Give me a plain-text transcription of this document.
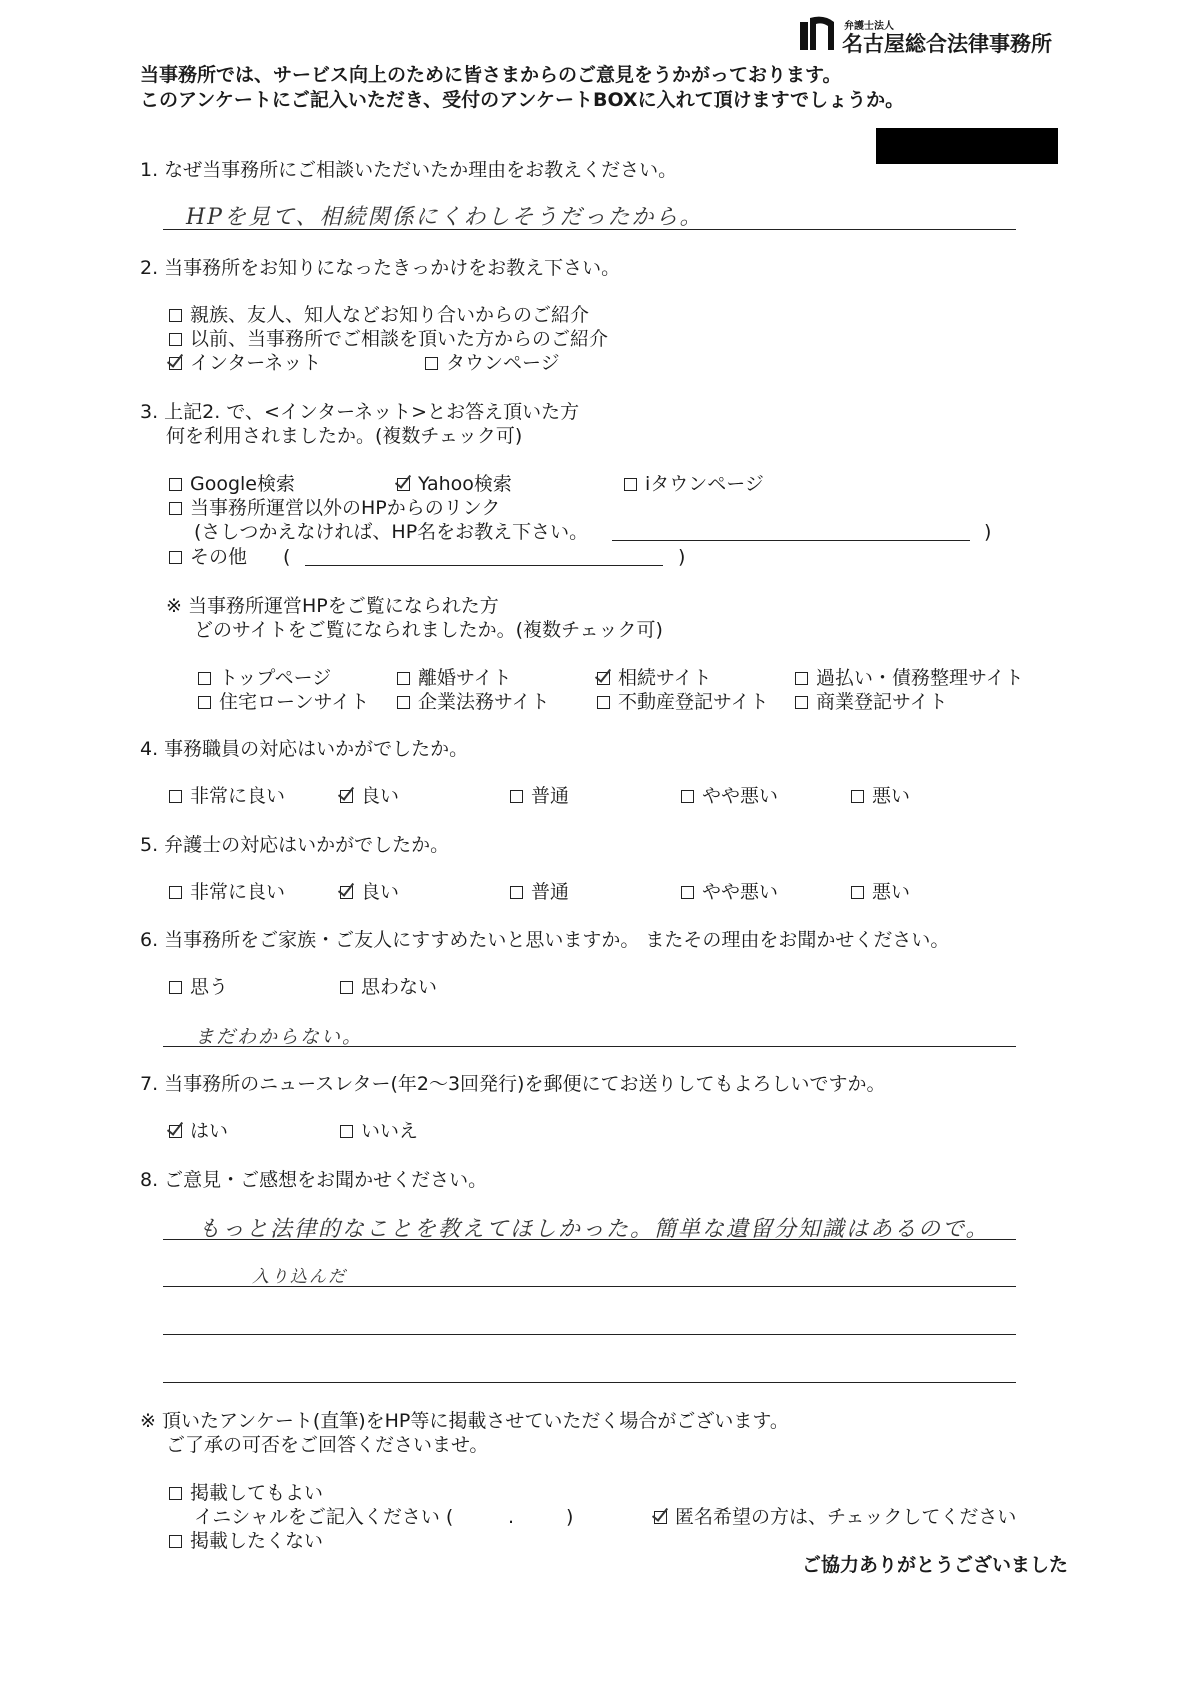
弁護士法人
名古屋総合法律事務所
当事務所では、サービス向上のために皆さまからのご意見をうかがっております。
このアンケートにご記入いただき、受付のアンケートBOXに入れて頂けますでしょうか。
1. なぜ当事務所にご相談いただいたか理由をお教えください。
HPを見て、相続関係にくわしそうだったから。
2. 当事務所をお知りになったきっかけをお教え下さい。
親族、友人、知人などお知り合いからのご紹介
以前、当事務所でご相談を頂いた方からのご紹介
インターネット	タウンページ
3. 上記2. で、<インターネット>とお答え頂いた方
何を利用されましたか。(複数チェック可)
Google検索	Yahoo検索	iタウンページ
当事務所運営以外のHPからのリンク
(さしつかえなければ、HP名をお教え下さい。	)
その他 (	)
※ 当事務所運営HPをご覧になられた方
どのサイトをご覧になられましたか。(複数チェック可)
トップページ	離婚サイト	相続サイト	過払い・債務整理サイト
住宅ローンサイト	企業法務サイト	不動産登記サイト	商業登記サイト
4. 事務職員の対応はいかがでしたか。
非常に良い	良い	普通	やや悪い	悪い
5. 弁護士の対応はいかがでしたか。
非常に良い	良い	普通	やや悪い	悪い
6. 当事務所をご家族・ご友人にすすめたいと思いますか。 またその理由をお聞かせください。
思う	思わない
まだわからない。
7. 当事務所のニュースレター(年2～3回発行)を郵便にてお送りしてもよろしいですか。
はい	いいえ
8. ご意見・ご感想をお聞かせください。
もっと法律的なことを教えてほしかった。簡単な遺留分知識はあるので。
入り込んだ
※ 頂いたアンケート(直筆)をHP等に掲載させていただく場合がございます。
ご了承の可否をご回答くださいませ。
掲載してもよい
イニシャルをご記入ください (	.	)	匿名希望の方は、チェックしてください
掲載したくない
ご協力ありがとうございました
